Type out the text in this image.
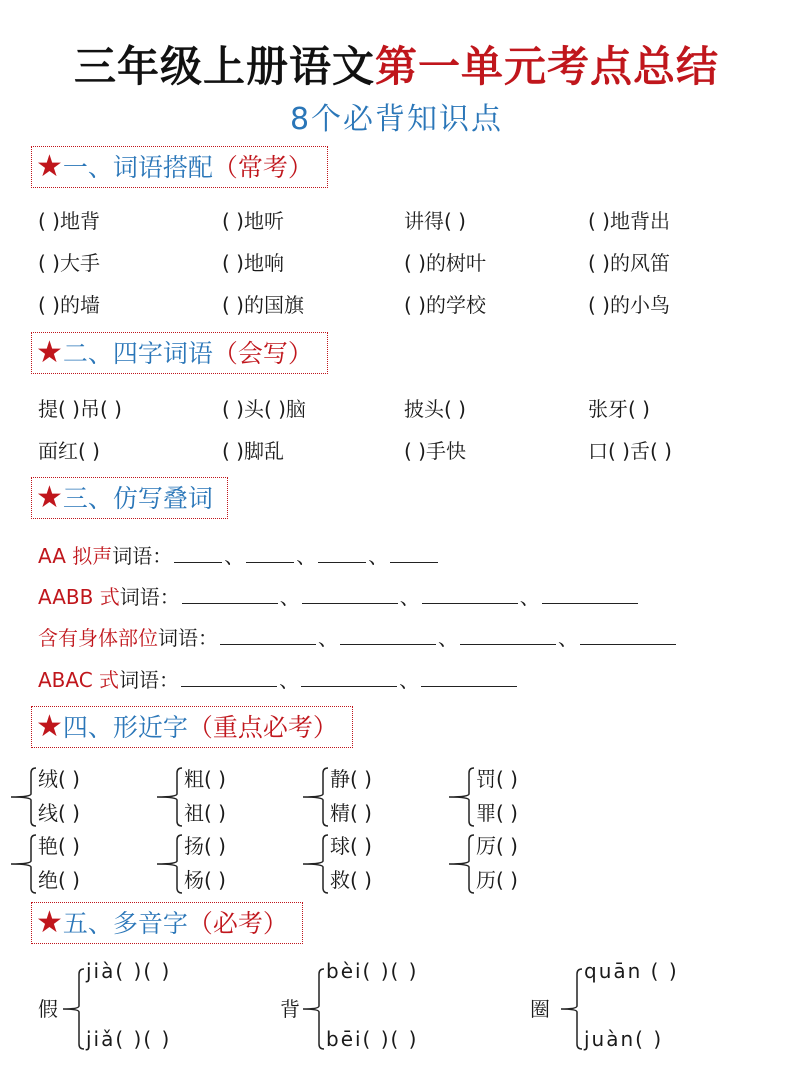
三年级上册语文第一单元考点总结
8个必背知识点
★一、词语搭配（常考）
( )地背	( )地听	讲得( )	( )地背出
( )大手	( )地响	( )的树叶	( )的风笛
( )的墙	( )的国旗	( )的学校	( )的小鸟
★二、四字词语（会写）
提( )吊( )	( )头( )脑	披头( )	张牙( )
面红( )	( )脚乱	( )手快	口( )舌( )
★三、仿写叠词
AA 拟声词语：	、	、	、
AABB 式词语：	、	、	、
含有身体部位词语：	、	、	、
ABAC 式词语：	、	、
★四、形近字（重点必考）
绒( )
线( )
粗( )
祖( )
静( )
精( )
罚( )
罪( )
艳( )
绝( )
扬( )
杨( )
球( )
救( )
厉( )
历( )
★五、多音字（必考）
假
jià( )( )
jiǎ( )( )
背
bèi( )( )
bēi( )( )
圈
quān ( )
juàn( )
